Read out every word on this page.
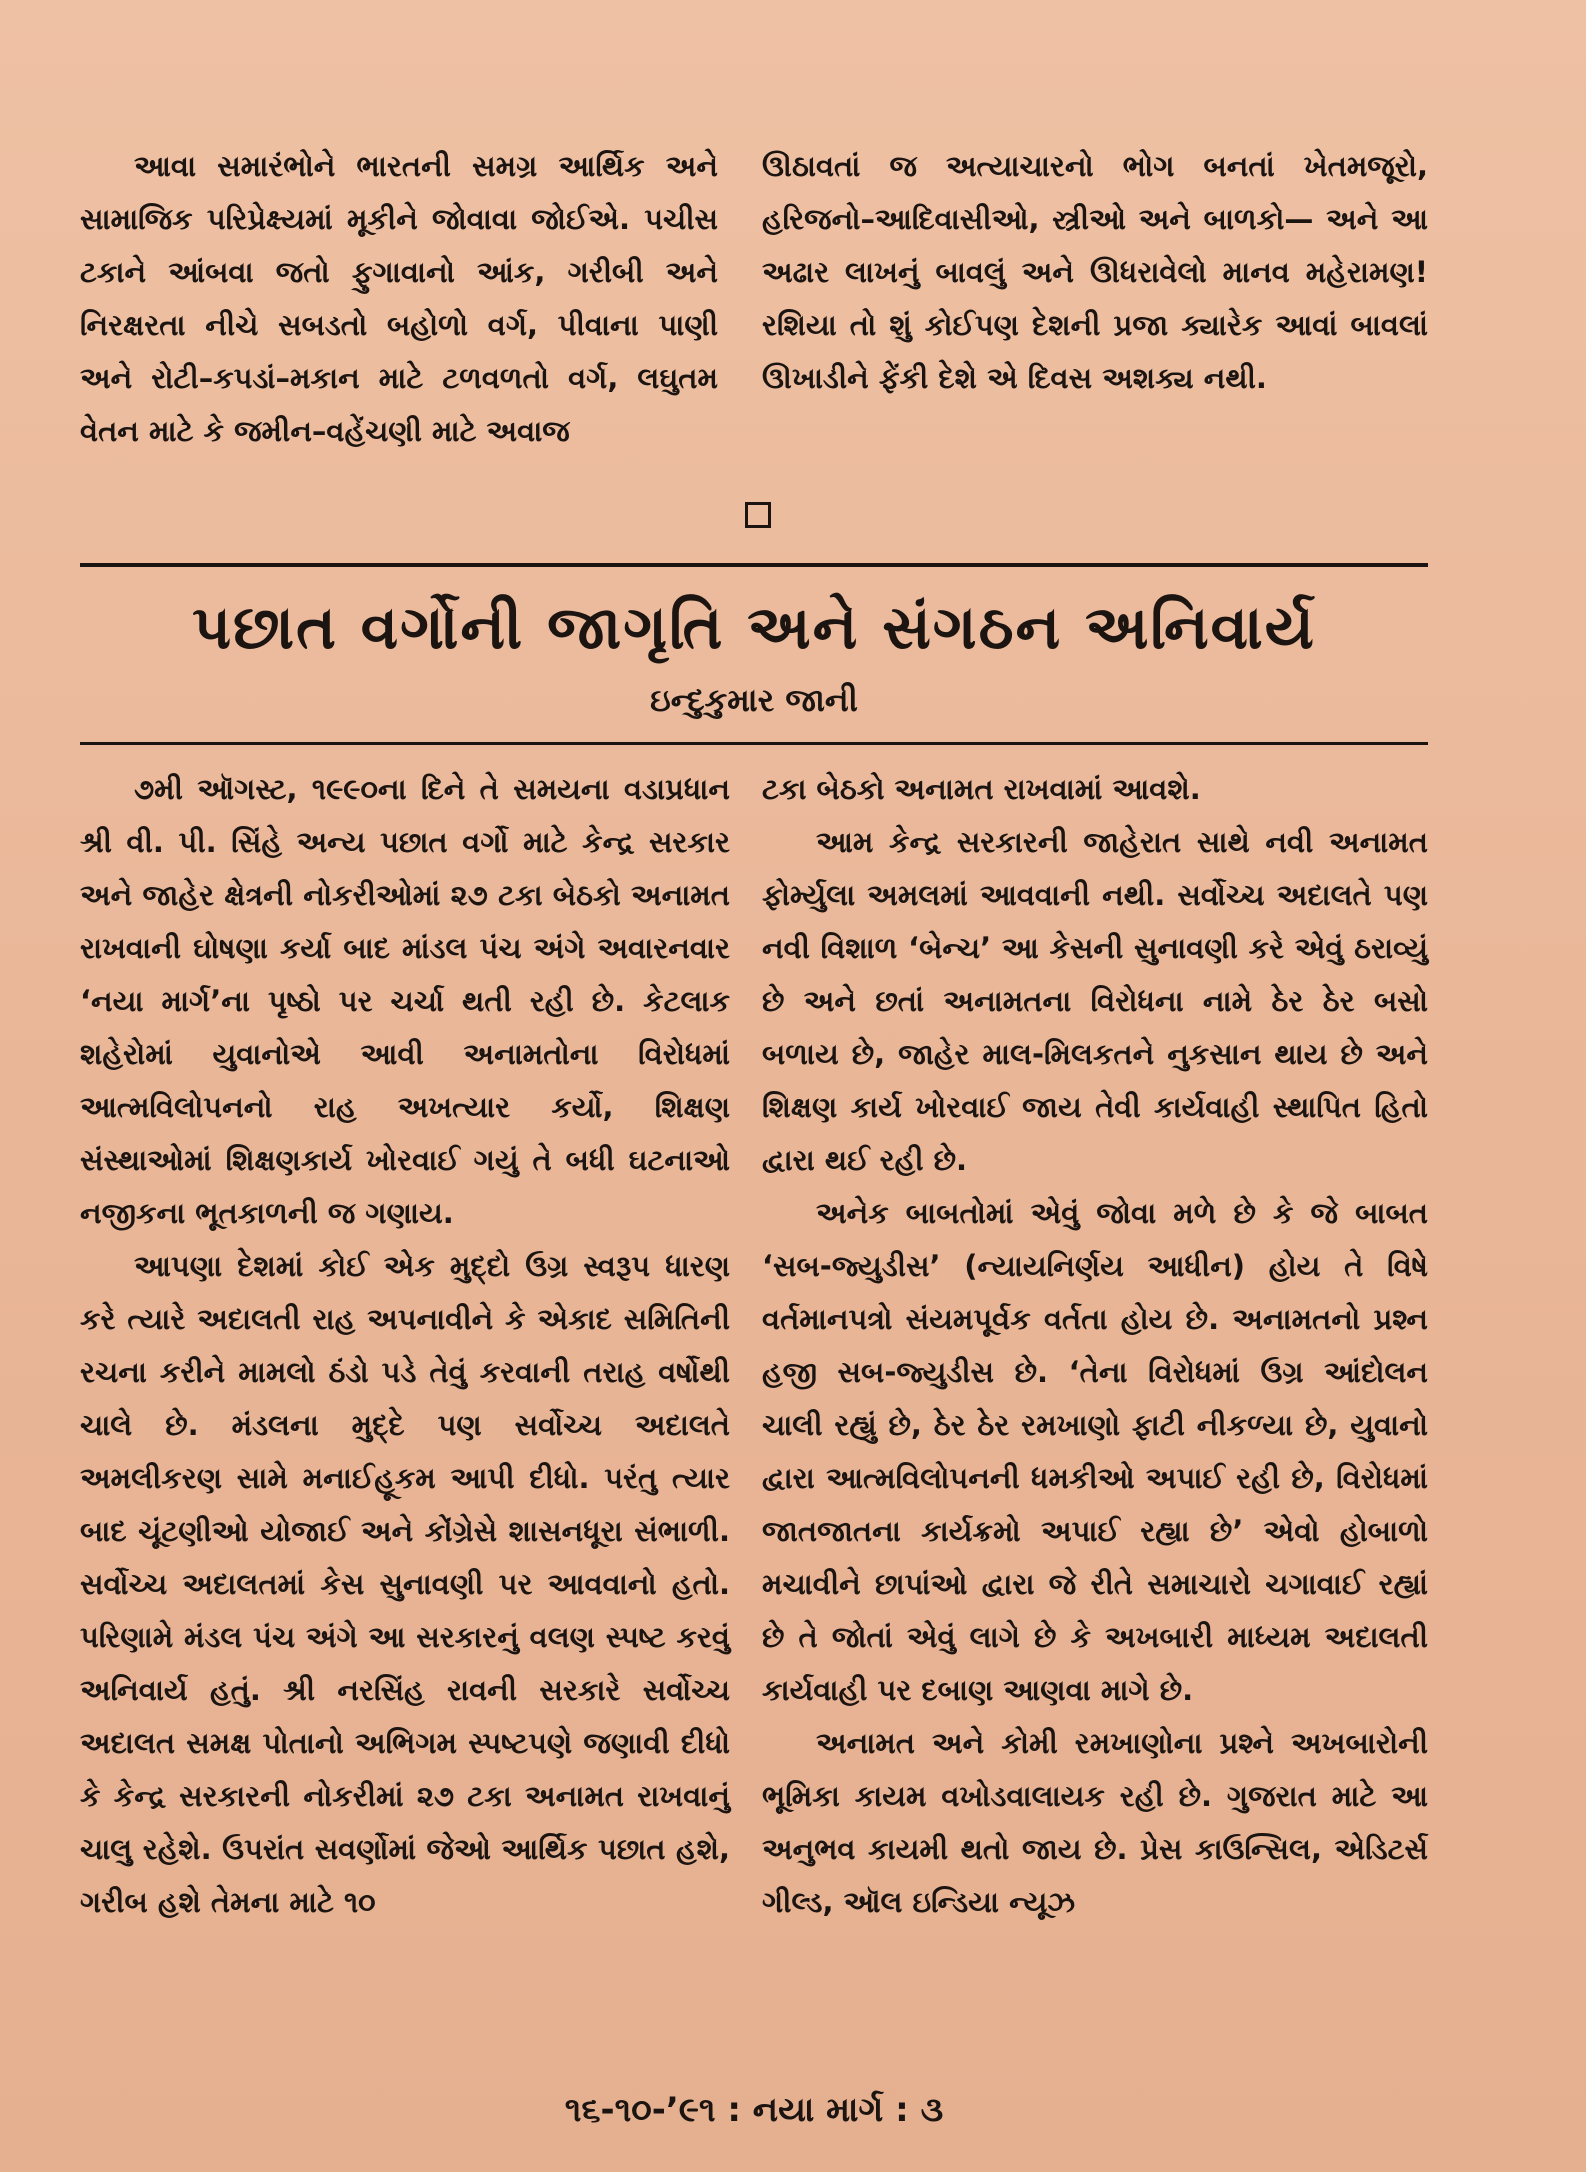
આવા સમારંભોને ભારતની સમગ્ર આર્થિક અને સામાજિક પરિપ્રેક્ષ્યમાં મૂકીને જોવાવા જોઈએ. પચીસ ટકાને આંબવા જતો ફુગાવાનો આંક, ગરીબી અને નિરક્ષરતા નીચે સબડતો બહોળો વર્ગ, પીવાના પાણી અને રોટી–કપડાં–મકાન માટે ટળવળતો વર્ગ, લઘુતમ વેતન માટે કે જમીન–વહેંચણી માટે અવાજ

ઊઠાવતાં જ અત્યાચારનો ભોગ બનતાં ખેતમજૂરો, હરિજનો–આદિવાસીઓ, સ્ત્રીઓ અને બાળકો— અને આ અઢાર લાખનું બાવલું અને ઊધરાવેલો માનવ મહેરામણ! રશિયા તો શું કોઈપણ દેશની પ્રજા ક્યારેક આવાં બાવલાં ઊખાડીને ફેંકી દેશે એ દિવસ અશક્ય નથી.

પછાત વર્ગોની જાગૃતિ અને સંગઠન અનિવાર્ય
ઇન્દુકુમાર જાની

૭મી ઑગસ્ટ, ૧૯૯૦ના દિને તે સમયના વડાપ્રધાન શ્રી વી. પી. સિંહે અન્ય પછાત વર્ગો માટે કેન્દ્ર સરકાર અને જાહેર ક્ષેત્રની નોકરીઓમાં ૨૭ ટકા બેઠકો અનામત રાખવાની ઘોષણા કર્યા બાદ માંડલ પંચ અંગે અવારનવાર ‘નયા માર્ગ’ના પૃષ્ઠો પર ચર્ચા થતી રહી છે. કેટલાક શહેરોમાં યુવાનોએ આવી અનામતોના વિરોધમાં આત્મવિલોપનનો રાહ અખત્યાર કર્યો, શિક્ષણ સંસ્થાઓમાં શિક્ષણકાર્ય ખોરવાઈ ગયું તે બધી ઘટનાઓ નજીકના ભૂતકાળની જ ગણાય.

આપણા દેશમાં કોઈ એક મુદ્દો ઉગ્ર સ્વરૂપ ધારણ કરે ત્યારે અદાલતી રાહ અપનાવીને કે એકાદ સમિતિની રચના કરીને મામલો ઠંડો પડે તેવું કરવાની તરાહ વર્ષોથી ચાલે છે. મંડલના મુદ્દે પણ સર્વોચ્ચ અદાલતે અમલીકરણ સામે મનાઈહૂકમ આપી દીધો. પરંતુ ત્યાર બાદ ચૂંટણીઓ યોજાઈ અને કોંગ્રેસે શાસનધૂરા સંભાળી. સર્વોચ્ચ અદાલતમાં કેસ સુનાવણી પર આવવાનો હતો. પરિણામે મંડલ પંચ અંગે આ સરકારનું વલણ સ્પષ્ટ કરવું અનિવાર્ય હતું. શ્રી નરસિંહ રાવની સરકારે સર્વોચ્ચ અદાલત સમક્ષ પોતાનો અભિગમ સ્પષ્ટપણે જણાવી દીધો કે કેન્દ્ર સરકારની નોકરીમાં ૨૭ ટકા અનામત રાખવાનું ચાલુ રહેશે. ઉપરાંત સવર્ણોમાં જેઓ આર્થિક પછાત હશે, ગરીબ હશે તેમના માટે ૧૦

ટકા બેઠકો અનામત રાખવામાં આવશે.

આમ કેન્દ્ર સરકારની જાહેરાત સાથે નવી અનામત ફોર્મ્યુલા અમલમાં આવવાની નથી. સર્વોચ્ચ અદાલતે પણ નવી વિશાળ ‘બેન્ચ’ આ કેસની સુનાવણી કરે એવું ઠરાવ્યું છે અને છતાં અનામતના વિરોધના નામે ઠેર ઠેર બસો બળાય છે, જાહેર માલ-મિલકતને નુકસાન થાય છે અને શિક્ષણ કાર્ય ખોરવાઈ જાય તેવી કાર્યવાહી સ્થાપિત હિતો દ્વારા થઈ રહી છે.

અનેક બાબતોમાં એવું જોવા મળે છે કે જે બાબત ‘સબ-જ્યુડીસ’ (ન્યાયનિર્ણય આધીન) હોય તે વિષે વર્તમાનપત્રો સંયમપૂર્વક વર્તતા હોય છે. અનામતનો પ્રશ્ન હજી સબ-જ્યુડીસ છે. ‘તેના વિરોધમાં ઉગ્ર આંદોલન ચાલી રહ્યું છે, ઠેર ઠેર રમખાણો ફાટી નીકળ્યા છે, યુવાનો દ્વારા આત્મવિલોપનની ધમકીઓ અપાઈ રહી છે, વિરોધમાં જાતજાતના કાર્યક્રમો અપાઈ રહ્યા છે’ એવો હોબાળો મચાવીને છાપાંઓ દ્વારા જે રીતે સમાચારો ચગાવાઈ રહ્યાં છે તે જોતાં એવું લાગે છે કે અખબારી માધ્યમ અદાલતી કાર્યવાહી પર દબાણ આણવા માગે છે.

અનામત અને કોમી રમખાણોના પ્રશ્ને અખબારોની ભૂમિકા કાયમ વખોડવાલાયક રહી છે. ગુજરાત માટે આ અનુભવ કાયમી થતો જાય છે. પ્રેસ કાઉન્સિલ, એડિટર્સ ગીલ્ડ, ઑલ ઇન્ડિયા ન્યૂઝ

૧૬-૧૦-’૯૧ : નયા માર્ગ : ૩
